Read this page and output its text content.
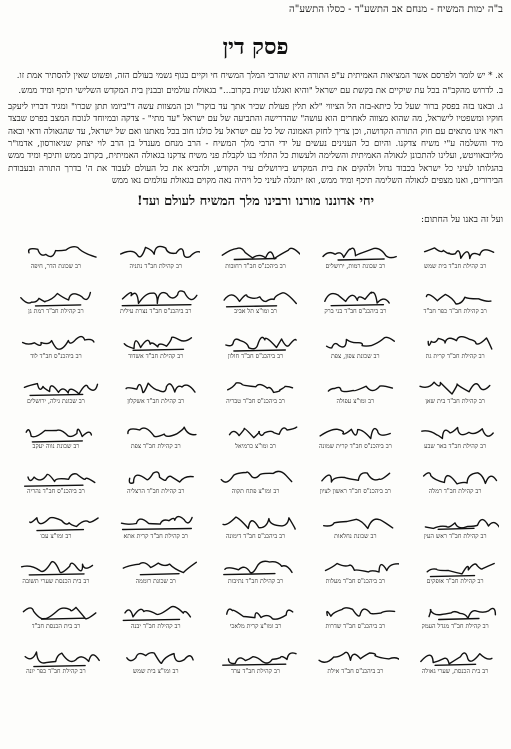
ב"ה ימות המשיח - מנחם אב התשע"ד - כסלו התשע"ה
פסק דין

א. * יש לומר ולפרסם אשר המציאות האמיתית ע"פ התורה היא שהרבי המלך המשיח חי וקיים בגוף גשמי בעולם הזה, ופשוט שאין להסתיר אמת זו.

ב. לדרוש מהקב"ה בכל עת שיקיים את בקשת עם ישראל "והיא ואגלנו שנית בקרוב..." בגאולת עולמים ובבנין בית המקדש השלישי תיכף ומיד ממש.

ג. ובאנו בזה בפסק ברור שעל כל כיתא-בזה הל הציווי "לא תלין פעולת שכיר אתך עד בוקר" וכן המצוות עשה ד"ביומו תתן שכרו" ומגיד דבריו ליעקב חוקיו ומשפטיו לישראל, מה שהוא מצווה לאחרים הוא עושה" שהדרישה והתביעה של עם ישראל "עד מתי" - צדקה ובמיוחד לנוכח המצב בפרט שבצד ראוי אינו מתאים עם חוק התורה הקדושה, וכן צריך לחזק האמונה של כל עם ישראל על כולנו חוב בכל מאתנו ואם של ישראל, עד שהגאולה ודאי ובאה מיד והשלמה ע"י משיח צדקנו. והיום כל הענינים נעשים על ידי הרבי מלך המשיח - הרב מנחם מענדל בן הרב לוי יצחק שניאורסון, אדמו"ר מליובאוויטש, ועלינו להתכונן לגאולה האמיתית והשלימה ולעשות כל התלוי בנו לקבלת פני משיח צדקנו בגאולה האמיתית, בקרוב ממש ותיכף ומיד ממש בהגלותו לעיני כל ישראל בכבוד גדול ולהקים את בית המקדש בירושלים עיר הקודש, ולהביא את כל העולם לעבוד את ה' בדרך התורה ובעבודת הבירורים, ואנו מצפים לגאולה השלימה תיכף ומיד ממש, ואז יתגלה לעיני כל ויהיה נאה מקוים בגאולת עולמים נאו ממש

יחי אדוננו מורנו ורבינו מלך המשיח לעולם ועד!
ועל זה באנו על החתום:
רב קהילת חב"ד בית שמש
רב שכונת רמות, ירושלים
רב ביהכנ"ס חב"ד רחובות
רב קהילת חב"ד נתניה
רב שכונת הדר, חיפה
רב קהילת חב"ד כפר חב"ד
רב ביהכנ"ס חב"ד בני ברק
רב ומו"צ תל אביב
רב ביהכנ"ס חב"ד נצרת עילית
רב קהילת חב"ד רמת גן
רב קהילת חב"ד קרית גת
רב שכונת צפון, צפת
רב ביהכנ"ס חב"ד חולון
רב קהילת חב"ד אשדוד
רב ביהכנ"ס חב"ד לוד
רב קהילת חב"ד בית שאן
רב ומו"צ עפולה
רב ביהכנ"ס חב"ד טבריה
רב קהילת חב"ד אשקלון
רב שכונת גילה, ירושלים
רב קהילת חב"ד באר שבע
רב ביהכנ"ס חב"ד קרית שמונה
רב ומו"צ כרמיאל
רב קהילת חב"ד צפת
רב שכונת נווה יעקב
רב קהילת חב"ד רמלה
רב ביהכנ"ס חב"ד ראשון לציון
רב ומו"צ פתח תקוה
רב קהילת חב"ד הרצליה
רב ביהכנ"ס חב"ד נהריה
רב קהילת חב"ד ראש העין
רב שכונת נחלאות
רב ביהכנ"ס חב"ד דימונה
רב קהילת חב"ד קרית אתא
רב ומו"צ עכו
רב קהילת חב"ד אופקים
רב ביהכנ"ס חב"ד מעלות
רב קהילת חב"ד נתיבות
רב שכונת רוממה
רב בית הכנסת שערי תשובה
רב קהילת חב"ד מגדל העמק
רב ביהכנ"ס חב"ד שדרות
רב ומו"צ קרית מלאכי
רב קהילת חב"ד יבנה
רב בית הכנסת חב"ד
רב בית הכנסת, שערי גאולה
רב ביהכנ"ס חב"ד אילת
רב קהילת חב"ד ערד
רב ומו"צ בית שמש
רב קהילת חב"ד כפר יונה
